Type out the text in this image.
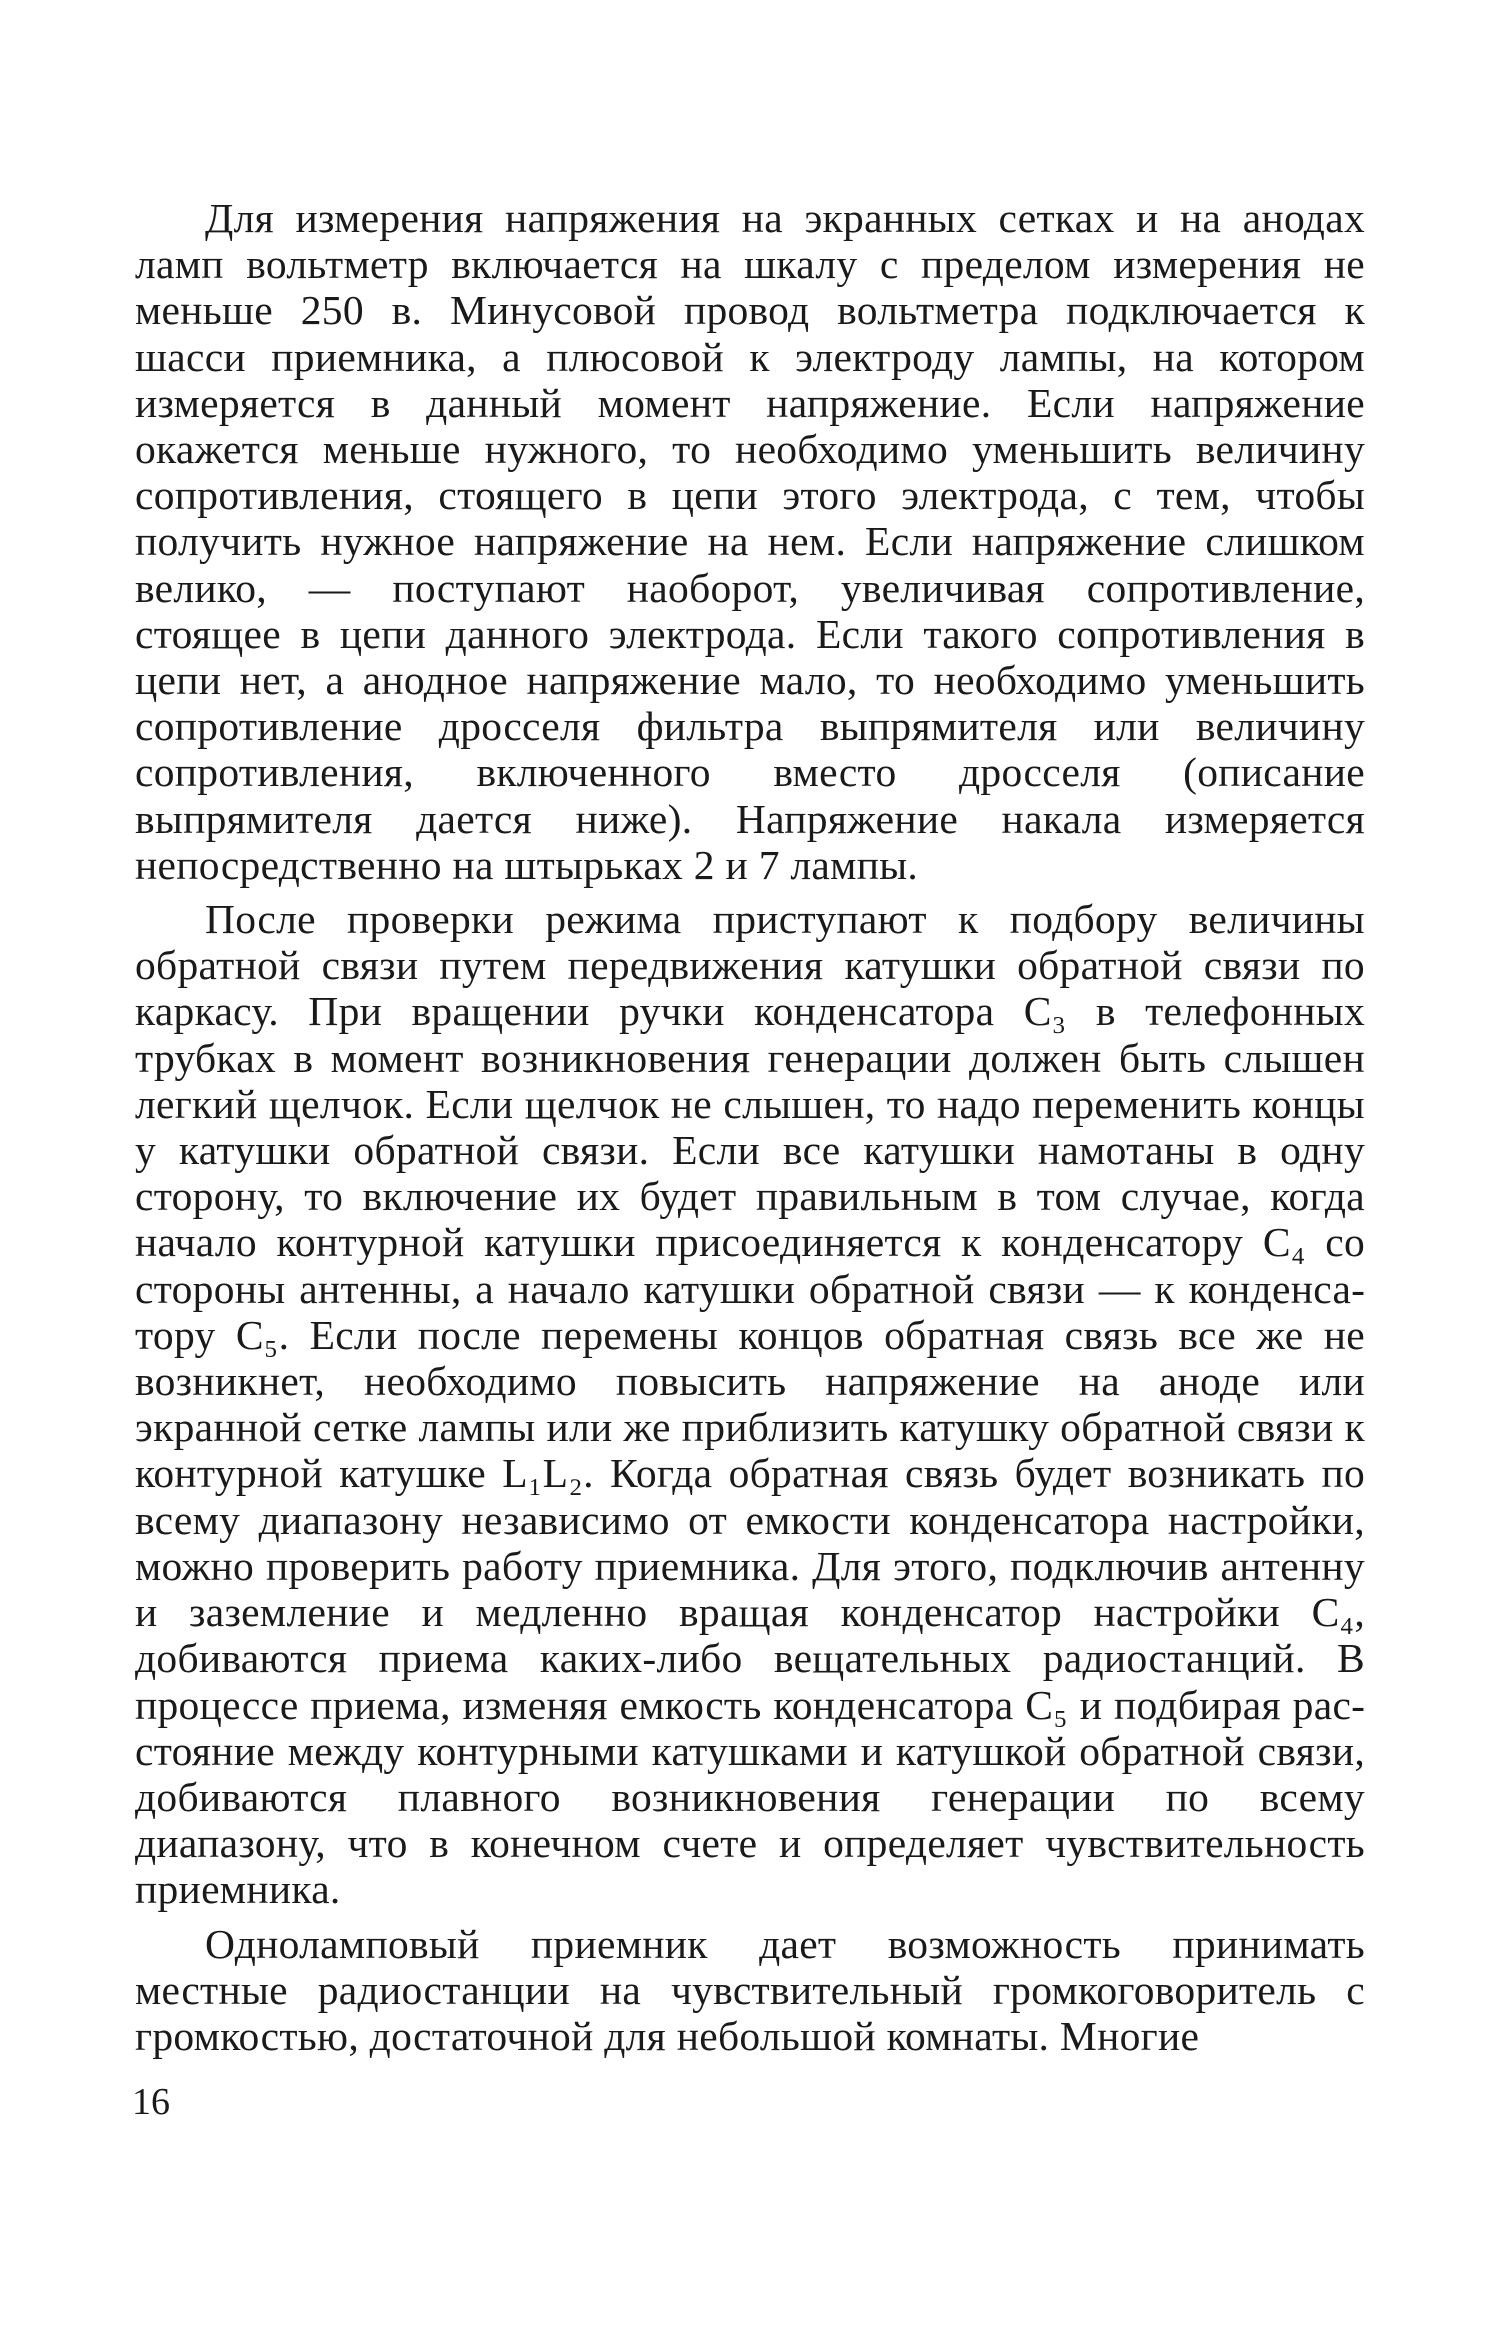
Для измерения напряжения на экранных сетках и на анодах ламп вольтметр включается на шкалу с пределом измерения не меньше 250 в. Минусовой провод вольтметра подключается к шасси приемника, а плюсовой к электроду лампы, на котором измеряется в данный момент напряжение. Если напряжение окажется меньше нужного, то необходимо уменьшить величину сопротивления, стоящего в цепи этого электрода, с тем, чтобы получить нужное напряжение на нем. Если напряжение слишком велико, — поступают наоборот, увеличивая сопротивление, стоящее в цепи данного электрода. Если такого сопротивления в цепи нет, а анодное напряжение мало, то необходимо уменьшить сопротивление дросселя фильтра выпрямителя или величину сопротивления, включенного вместо дросселя (описание выпрямителя дается ниже). Напряжение накала измеряется непосредственно на штырьках 2 и 7 лампы.

После проверки режима приступают к подбору величины обратной связи путем передвижения катушки обратной связи по каркасу. При вращении ручки конденсатора C₃ в телефонных трубках в момент возникновения генерации должен быть слышен легкий щелчок. Если щелчок не слышен, то надо переменить концы у катушки обратной связи. Если все катушки намотаны в одну сторону, то включение их будет правильным в том случае, когда начало контурной катушки присоединяется к конденсатору C₄ со стороны антенны, а начало катушки обратной связи — к конденсатору C₅. Если после перемены концов обратная связь все же не возникнет, необходимо повысить напряжение на аноде или экранной сетке лампы или же приблизить катушку обратной связи к контурной катушке L₁L₂. Когда обратная связь будет возникать по всему диапазону независимо от емкости конденсатора настройки, можно проверить работу приемника. Для этого, подключив антенну и заземление и медленно вращая конденсатор настройки C₄, добиваются приема каких-либо вещательных радиостанций. В процессе приема, изменяя емкость конденсатора C₅ и подбирая расстояние между контурными катушками и катушкой обратной связи, добиваются плавного возникновения генерации по всему диапазону, что в конечном счете и определяет чувствительность приемника.

Одноламповый приемник дает возможность принимать местные радиостанции на чувствительный громкоговоритель с громкостью, достаточной для небольшой комнаты. Многие

16
